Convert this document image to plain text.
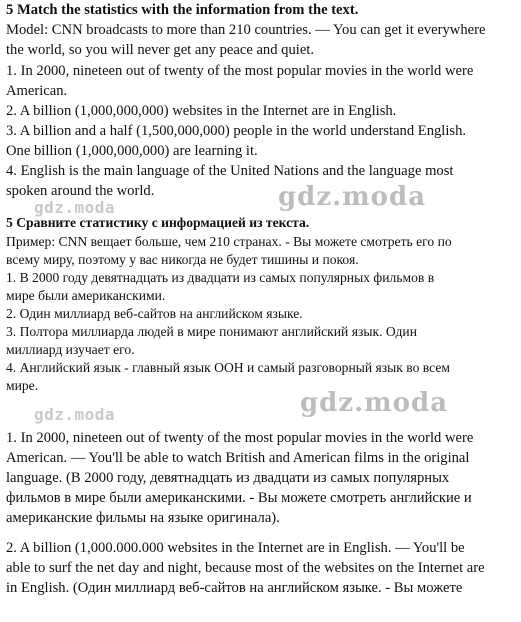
5 Match the statistics with the information from the text.
Model: CNN broadcasts to more than 210 countries. — You can get it everywhere
the world, so you will never get any peace and quiet.
1. In 2000, nineteen out of twenty of the most popular movies in the world were
American.
2. A billion (1,000,000,000) websites in the Internet are in English.
3. A billion and a half (1,500,000,000) people in the world understand English.
One billion (1,000,000,000) are learning it.
4. English is the main language of the United Nations and the language most
spoken around the world.
gdz.moda	gdz.moda
5 Сравните статистику с информацией из текста.
Пример: CNN вещает больше, чем 210 странах. - Вы можете смотреть его по
всему миру, поэтому у вас никогда не будет тишины и покоя.
1. В 2000 году девятнадцать из двадцати из самых популярных фильмов в
мире были американскими.
2. Один миллиард веб-сайтов на английском языке.
3. Полтора миллиарда людей в мире понимают английский язык. Один
миллиард изучает его.
4. Английский язык - главный язык ООН и самый разговорный язык во всем
мире.
gdz.moda	gdz.moda
1. In 2000, nineteen out of twenty of the most popular movies in the world were
American. — You'll be able to watch British and American films in the original
language. (В 2000 году, девятнадцать из двадцати из самых популярных
фильмов в мире были американскими. - Вы можете смотреть английские и
американские фильмы на языке оригинала).
2. A billion (1,000.000.000 websites in the Internet are in English. — You'll be
able to surf the net day and night, because most of the websites on the Internet are
in English. (Один миллиард веб-сайтов на английском языке. - Вы можете
